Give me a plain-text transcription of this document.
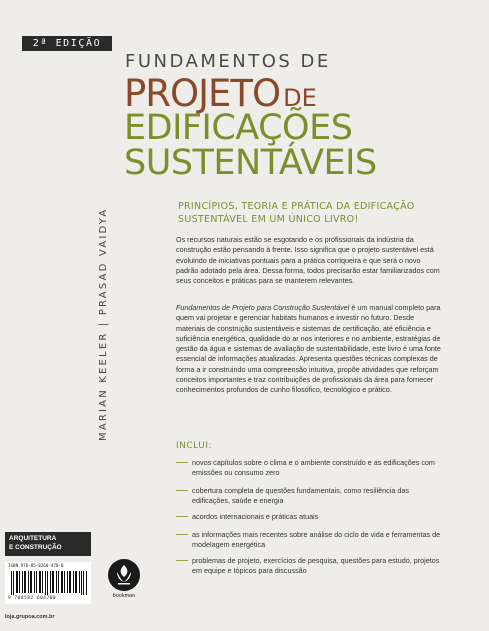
2ª EDIÇÃO
FUNDAMENTOS DE
PROJETO DE
EDIFICAÇÕES
SUSTENTÁVEIS
PRINCÍPIOS, TEORIA E PRÁTICA DA EDIFICAÇÃO SUSTENTÁVEL EM UM ÚNICO LIVRO!
Os recursos naturais estão se esgotando e os profissionais da indústria da construção estão pensando à frente. Isso significa que o projeto sustentável está evoluindo de iniciativas pontuais para a prática corriqueira e que será o novo padrão adotado pela área. Dessa forma, todos precisarão estar familiarizados com seus conceitos e práticas para se manterem relevantes.
Fundamentos de Projeto para Construção Sustentável é um manual completo para quem vai projetar e gerenciar habitats humanos e investir no futuro. Desde materiais de construção sustentáveis e sistemas de certificação, até eficiência e suficiência energética, qualidade do ar nos interiores e no ambiente, estratégias de gestão da água e sistemas de avaliação de sustentabilidade, este livro é uma fonte essencial de informações atualizadas. Apresenta questões técnicas complexas de forma a ir construindo uma compreensão intuitiva, propõe atividades que reforçam conceitos importantes e traz contribuições de profissionais da área para fornecer conhecimentos profundos de cunho filosófico, tecnológico e prático.
INCLUI:
novos capítulos sobre o clima e o ambiente construído e as edificações com emissões ou consumo zero
cobertura completa de questões fundamentais, como resiliência das edificações, saúde e energia
acordos internacionais e práticas atuais
as informações mais recentes sobre análise do ciclo de vida e ferramentas de modelagem energética
problemas de projeto, exercícios de pesquisa, questões para estudo, projetos em equipe e tópicos para discussão
MARIAN KEELER | PRASAD VAIDYA
ARQUITETURA
E CONSTRUÇÃO
ISBN 978-85-8260-470-0
9 788582 604700
loja.grupoa.com.br
bookman
